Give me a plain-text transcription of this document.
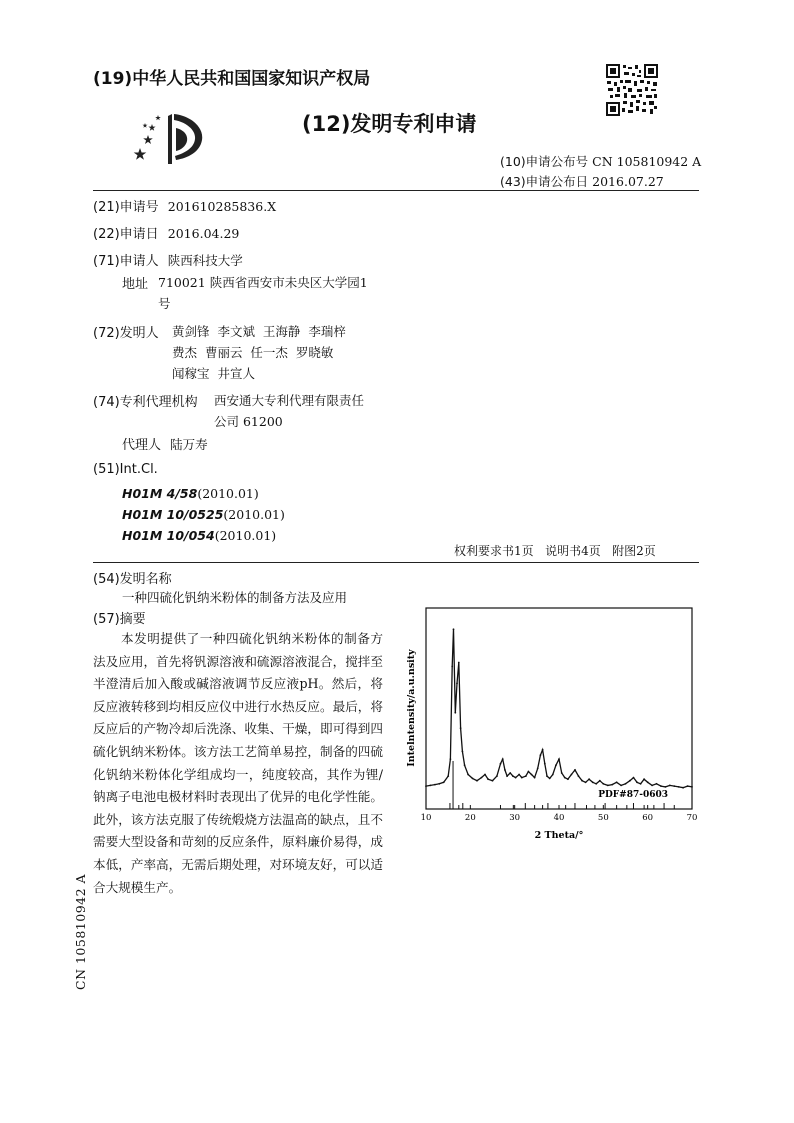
(19)中华人民共和国国家知识产权局
(12)发明专利申请
(10)申请公布号 CN 105810942 A
(43)申请公布日 2016.07.27
(21)申请号 201610285836.X
(22)申请日 2016.04.29
(71)申请人 陕西科技大学
地址 710021 陕西省西安市未央区大学园1
号
(72)发明人 黄剑锋  李文斌  王海静  李瑞梓
费杰  曹丽云  任一杰  罗晓敏
闻稼宝  井宣人
(74)专利代理机构 西安通大专利代理有限责任
公司 61200
代理人 陆万寿
(51)Int.Cl.
H01M 4/58(2010.01)
H01M 10/0525(2010.01)
H01M 10/054(2010.01)
权利要求书1页   说明书4页   附图2页
(54)发明名称
一种四硫化钒纳米粉体的制备方法及应用
(57)摘要
本发明提供了一种四硫化钒纳米粉体的制备方法及应用，首先将钒源溶液和硫源溶液混合，搅拌至半澄清后加入酸或碱溶液调节反应液pH。然后，将反应液转移到均相反应仪中进行水热反应。最后，将反应后的产物冷却后洗涤、收集、干燥，即可得到四硫化钒纳米粉体。该方法工艺简单易控，制备的四硫化钒纳米粉体化学组成均一，纯度较高，其作为锂/钠离子电池电极材料时表现出了优异的电化学性能。此外，该方法克服了传统煅烧方法温高的缺点，且不需要大型设备和苛刻的反应条件，原料廉价易得，成本低，产率高，无需后期处理，对环境友好，可以适合大规模生产。
10	20	30	40	50	60	70
PDF#87-0603
2 Theta/°
Intelntensity/a.u.nsity
CN 105810942 A
